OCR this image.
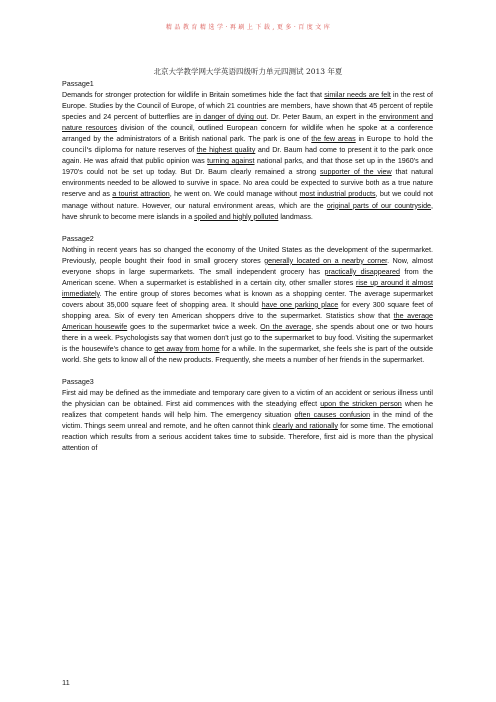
精 品 教 育 精 选 学 · 再 刷 上 下 载 , 更 多 · 百 度 文 库
北京大学教学网大学英语四级听力单元四测试 2013 年夏

Passage1

Demands for stronger protection for wildlife in Britain sometimes hide the fact that similar needs are felt in the rest of Europe. Studies by the Council of Europe, of which 21 countries are members, have shown that 45 percent of reptile species and 24 percent of butterflies are in danger of dying out. Dr. Peter Baum, an expert in the environment and nature resources division of the council, outlined European concern for wildlife when he spoke at a conference arranged by the administrators of a British national park. The park is one of the few areas in Europe to hold the council's diploma for nature reserves of the highest quality and Dr. Baum had come to present it to the park once again. He was afraid that public opinion was turning against national parks, and that those set up in the 1960's and 1970's could not be set up today. But Dr. Baum clearly remained a strong supporter of the view that natural environments needed to be allowed to survive in space. No area could be expected to survive both as a true nature reserve and as a tourist attraction, he went on. We could manage without most industrial products, but we could not manage without nature. However, our natural environment areas, which are the original parts of our countryside, have shrunk to become mere islands in a spoiled and highly polluted landmass.

Passage2

Nothing in recent years has so changed the economy of the United States as the development of the supermarket. Previously, people bought their food in small grocery stores generally located on a nearby corner. Now, almost everyone shops in large supermarkets. The small independent grocery has practically disappeared from the American scene. When a supermarket is established in a certain city, other smaller stores rise up around it almost immediately. The entire group of stores becomes what is known as a shopping center. The average supermarket covers about 35,000 square feet of shopping area. It should have one parking place for every 300 square feet of shopping area. Six of every ten American shoppers drive to the supermarket. Statistics show that the average American housewife goes to the supermarket twice a week. On the average, she spends about one or two hours there in a week. Psychologists say that women don't just go to the supermarket to buy food. Visiting the supermarket is the housewife's chance to get away from home for a while. In the supermarket, she feels she is part of the outside world. She gets to know all of the new products. Frequently, she meets a number of her friends in the supermarket.

Passage3

First aid may be defined as the immediate and temporary care given to a victim of an accident or serious illness until the physician can be obtained. First aid commences with the steadying effect upon the stricken person when he realizes that competent hands will help him. The emergency situation often causes confusion in the mind of the victim. Things seem unreal and remote, and he often cannot think clearly and rationally for some time. The emotional reaction which results from a serious accident takes time to subside. Therefore, first aid is more than the physical attention of

11
